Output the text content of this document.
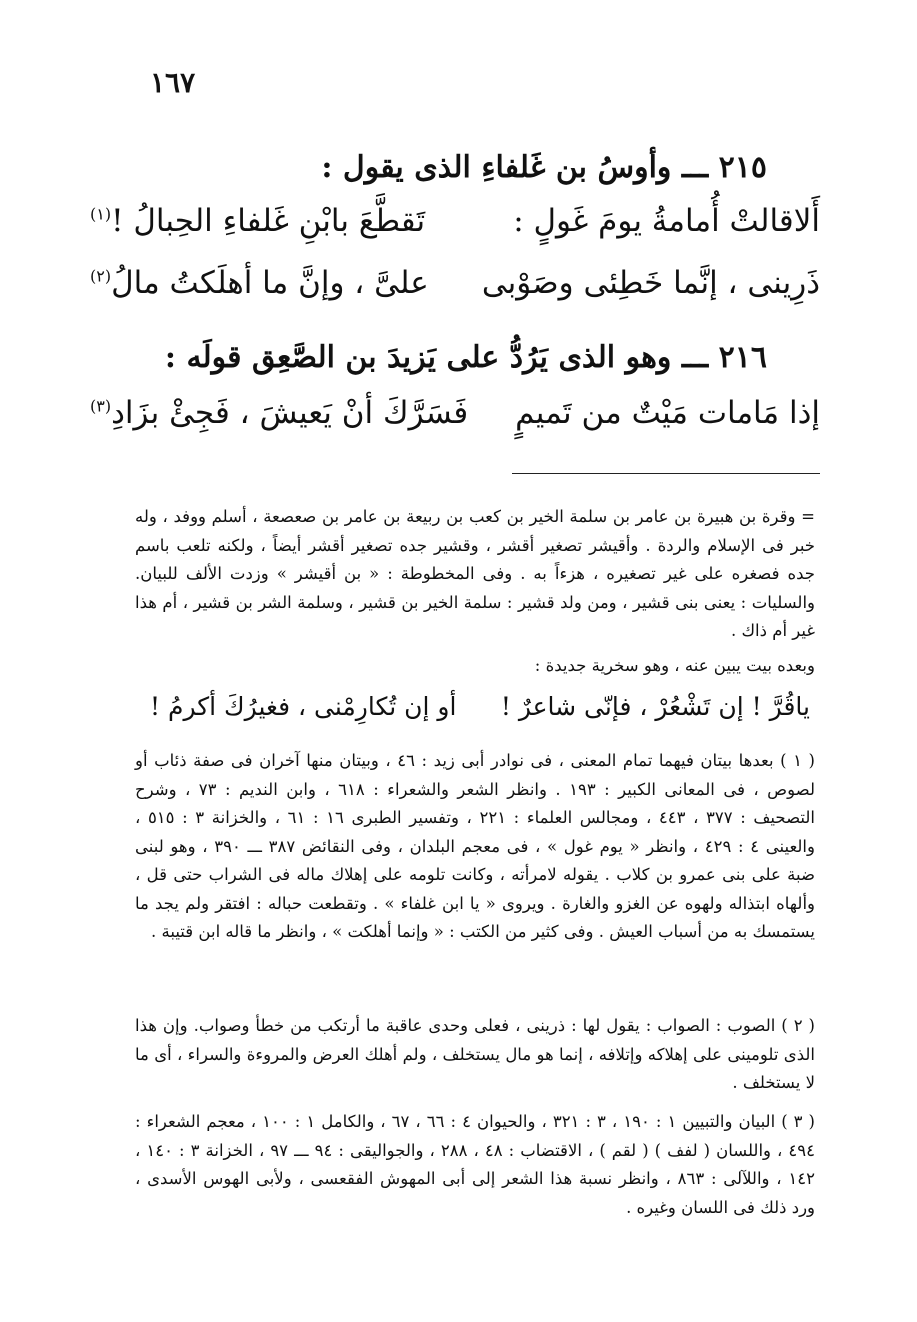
١٦٧
٢١٥ ـــ وأوسُ بن غَلفاءِ الذى يقول :
أَلاقالتْ أُمامةُ يومَ غَولٍ :
تَقطَّعَ بابْنِ غَلفاءِ الحِبالُ !$^{(١)}$
ذَرِينى ، إنَّما خَطِئى وصَوْبى
علىَّ ، وإنَّ ما أهلَكتُ مالُ$^{(٢)}$
٢١٦ ـــ وهو الذى يَرُدُّ على يَزيدَ بن الصَّعِق قولَه :
إذا مَامات مَيْتٌ من تَميمٍ
فَسَرَّكَ أنْ يَعيشَ ، فَجِئْ بزَادِ$^{(٣)}$
= وقرة بن هبيرة بن عامر بن سلمة الخير بن كعب بن ربيعة بن عامر بن صعصعة ، أسلم ووفد ، وله خبر فى الإسلام والردة . وأقيشر تصغير أقشر ، وقشير جده تصغير أقشر أيضاً ، ولكنه تلعب باسم جده فصغره على غير تصغيره ، هزءاً به . وفى المخطوطة : « بن أقيشر » وزدت الألف للبيان. والسليات : يعنى بنى قشير ، ومن ولد قشير : سلمة الخير بن قشير ، وسلمة الشر بن قشير ، أم هذا غير أم ذاك .
وبعده بيت يبين عنه ، وهو سخرية جديدة :
ياقُرَّ ! إن تَشْعُرْ ، فإنّى شاعرٌ !
أو إن تُكارِمْنى ، فغيرُكَ أكرمُ !
( ١ ) بعدها بيتان فيهما تمام المعنى ، فى نوادر أبى زيد : ٤٦ ، وبيتان منها آخران فى صفة ذئاب أو لصوص ، فى المعانى الكبير : ١٩٣ . وانظر الشعر والشعراء : ٦١٨ ، وابن النديم : ٧٣ ، وشرح التصحيف : ٣٧٧ ، ٤٤٣ ، ومجالس العلماء : ٢٢١ ، وتفسير الطبرى ١٦ : ٦١ ، والخزانة ٣ : ٥١٥ ، والعينى ٤ : ٤٢٩ ، وانظر « يوم غول » ، فى معجم البلدان ، وفى النقائض ٣٨٧ ـــ ٣٩٠ ، وهو لبنى ضبة على بنى عمرو بن كلاب . يقوله لامرأته ، وكانت تلومه على إهلاك ماله فى الشراب حتى قل ، وألهاه ابتذاله ولهوه عن الغزو والغارة . ويروى « يا ابن غلفاء » . وتقطعت حباله : افتقر ولم يجد ما يستمسك به من أسباب العيش . وفى كثير من الكتب : « وإنما أهلكت » ، وانظر ما قاله ابن قتيبة .
( ٢ ) الصوب : الصواب : يقول لها : ذرينى ، فعلى وحدى عاقبة ما أرتكب من خطأ وصواب. وإن هذا الذى تلومينى على إهلاكه وإتلافه ، إنما هو مال يستخلف ، ولم أهلك العرض والمروءة والسراء ، أى ما لا يستخلف .
( ٣ ) البيان والتبيين ١ : ١٩٠ ، ٣ : ٣٢١ ، والحيوان ٤ : ٦٦ ، ٦٧ ، والكامل ١ : ١٠٠ ، معجم الشعراء : ٤٩٤ ، واللسان ( لفف ) ( لقم ) ، الاقتضاب : ٤٨ ، ٢٨٨ ، والجواليقى : ٩٤ ـــ ٩٧ ، الخزانة ٣ : ١٤٠ ، ١٤٢ ، واللآلى : ٨٦٣ ، وانظر نسبة هذا الشعر إلى أبى المهوش الفقعسى ، ولأبى الهوس الأسدى ، ورد ذلك فى اللسان وغيره .
